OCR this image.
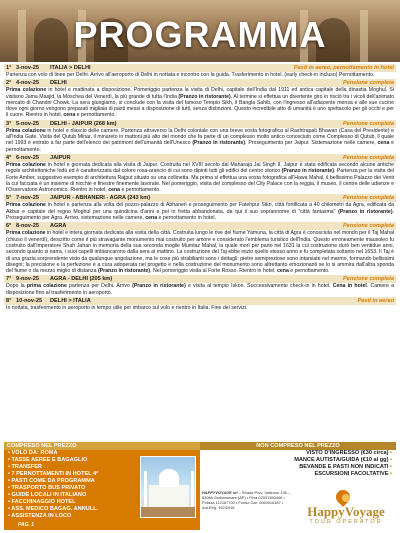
PROGRAMMA
1° 3-nov-25	ITALIA > DELHI	Pasti in aereo, pernottamento in hotel
Partenza con volo di linee per Delhi. Arrivo all'aeroporto di Delhi in nottata e incontro con la guida. Trasferimento in hotel. (early check-in incluso) Pernottamento.
2° 4-nov-25	DELHI	Pensione completa
Prima colazione in hotel e mattinata a disposizione. Pomeriggio partenza la visita di Delhi, capitale dell'India dal 1911 ed antica capitale della dinastia Moghul. Si visitano Jama Masjid, la Moschea del Venerdì, la più grande di tutta l'India (Pranzo in ristorante). Al termine si effettua un divertente giro in risciò tra i vicoli dell'animato mercato di Chandni Chowk. La sera giungiamo, si conclude con la visita del famoso Tempio Sikh, il Bangla Sahib, con l'ingresso all'adiacente mensa e alle sue cucine dove ogni giorno vengono preparati migliaia di pasti messi a disposizione di tutti, senza distinzioni. Questo incredibile atto di umanità è uno spettacolo per gli occhi e per il cuore. Rientro in hotel, cena e pernottamento.
3° 5-nov-25	DELHI - JAIPUR (268 km)	Pensione completa
Prima colazione in hotel e rilascio delle camere. Partenza attraverso la Delhi coloniale con una breve sosta fotografica al Rashtrapati Bhawan (Casa del Presidente) e all'India Gate. Visita del Qutub Minar, il minareto in mattoni più alto del mondo che fa parte di un complesso molto antico conosciuto come Complesso di Qutub, il quale nel 1993 è entrato a far parte dell'elenco dei patrimoni dell'umanità dell'Unesco (Pranzo in ristorante). Proseguimento per Jaipur. Sistemazione nelle camere, cena e pernottamento.
4° 6-nov-25	JAIPUR	Pensione completa
Prima colazione in hotel e giornata dedicata alla visita di Jaipur. Costruita nel XVIII secolo dal Maharaja Jai Singh II, Jaipur è stata edificata secondo alcune antiche regole architettoniche Indù ed è caratterizzata dal colore rosa-arancio di cui sono dipinti tutti gli edifici del centro storico (Pranzo in ristorante). Partenza per la visita del Forte Amber, suggestivo esempio di architettura Rajput situato su una collinetta. Ma prima si effettua una sosta fotografica all'Hawa Mahal, il bellissimo Palazzo dei Venti la cui facciata è un insieme di nicchie e finestre finemente lavorate. Nel pomeriggio, visita del complesso del City Palace con la reggia, il museo, il centre delle udienze e l'Osservatorio Astronomico. Rientro in hotel, cena e pernottamento.
5° 7-nov-25	JAIPUR - ABHANERI - AGRA (243 km)	Pensione completa
Prima colazione in hotel e partenza alla volta del pozzo-palazzo di Abhaneri e proseguimento per Fatehpur Sikri, città fortificata a 40 chilometri da Agra, edificata da Akbar e capitale del regno Moghul per una quindicina d'anni e poi in fretta abbandonata, da qui il suo soprannome di "città fantasma" (Pranzo in ristorante). Proseguimento per Agra. Arrivo, sistemazione nelle camere, cena e pernottamento in hotel.
6° 8-nov-25	AGRA	Pensione completa
Prima colazione in hotel e intera giornata dedicata alla visita della città. Costruita lungo le rive del fiume Yamuna, la città di Agra è conosciuta nel mondo per il Taj Mahal (chiuso il venerdì), descritto come il più stravagante monumento mai costruito per amore e considerato l'emblema turistico dell'India. Questo erroneamente mausoleo fu costruito dall'imperatore Shah Jahan in memoria della sua seconda moglie Mumtaz Mahal, la quale morì per parto nel 1631 la cui costruzione durò ben ventidue anni, secondo quanto si narra, i suoi capelli imbiancarono dalla sera al mattino. La costruzione del Taj ebbe inizio quello stesso anno e fu completata soltanto nel 1653. Il Taj è di una grazia sorprendente visto da qualunque angolazione, ma le cose più strabilianti sono i dettagli: pietre semipreziose sono intarsiate nel marmo, formando bellissimi disegni; la precisione e la perfezione è a cura adoperata nel progetto e nella costruzione del monumento sono altrettanto emozionanti se lo si ammira dall'altra sponda del fiume o da mezzo miglio di distanza (Pranzo in ristorante). Nel pomeriggio visita al Forte Rosso. Rientro in hotel, cena e pernottamento.
7° 9-nov-25	AGRA - DELHI (205 km)	Pensione completa
Dopo la prima colazione partenza per Delhi. Arrivo (Pranzo in ristorante) e visita al tempio Iskon. Successivamente check-in in hotel. Cena in hotel. Camere a disposizione fino al trasferimento in aeroporto.
8° 10-nov-25	DELHI > ITALIA	Pasti in aereo
In nottata, trasferimento in aeroporto in tempo utile per imbarco sul volo e rientro in Italia. Fine dei servizi.
COMPRESO NEL PREZZO	NON COMPRESO NEL PREZZO
• VOLO DA: ROMA
• TASSE AEREE E BAGAGLIO
• TRANSFER
• 7 PERNOTTAMENTI IN HOTEL 4*
• PASTI COME DA PROGRAMMA
• TRASPORTO BUS PRIVATO
• GUIDE LOCALI IN ITALIANO
• FACCHINAGGIO HOTEL
• ASS. MEDICO BAGAG. ANNULL.
• ASSISTENZA IN LOCO
PAG. 1
VISTO D'INGRESSO (€30 circa) •
MANCE AUTISTA/GUIDA (€10 al gg) •
BEVANDE E PASTI NON INDICATI •
ESCURSIONI FACOLTATIVE •
HAPPYVOYAGE srl – Strada Prov. Valleone 136 – 63066 Grottammare (AP) • P.iva 02031350446 • Polizza 112167700 • Fondo Gar: 0060016187 • Aut.Reg. 492/2018	HappyVoyage
TOUR OPERATOR
